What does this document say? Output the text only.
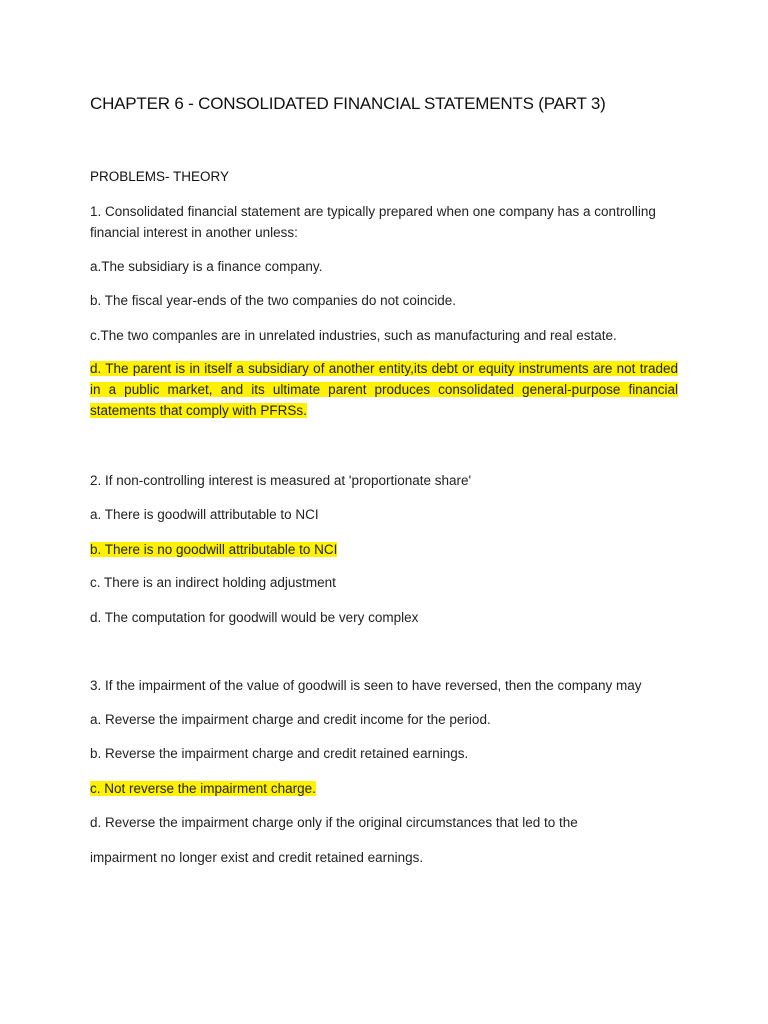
CHAPTER 6 - CONSOLIDATED FINANCIAL STATEMENTS (PART 3)
PROBLEMS- THEORY
1. Consolidated financial statement are typically prepared when one company has a controlling financial interest in another unless:
a.The subsidiary is a finance company.
b. The fiscal year-ends of the two companies do not coincide.
c.The two companles are in unrelated industries, such as manufacturing and real estate.
d. The parent is in itself a subsidiary of another entity,its debt or equity instruments are not traded in a public market, and its ultimate parent produces consolidated general-purpose financial statements that comply with PFRSs.
2. If non-controlling interest is measured at 'proportionate share'
a. There is goodwill attributable to NCI
b. There is no goodwill attributable to NCI
c. There is an indirect holding adjustment
d. The computation for goodwill would be very complex
3. If the impairment of the value of goodwill is seen to have reversed, then the company may
a. Reverse the impairment charge and credit income for the period.
b. Reverse the impairment charge and credit retained earnings.
c. Not reverse the impairment charge.
d. Reverse the impairment charge only if the original circumstances that led to the
impairment no longer exist and credit retained earnings.
